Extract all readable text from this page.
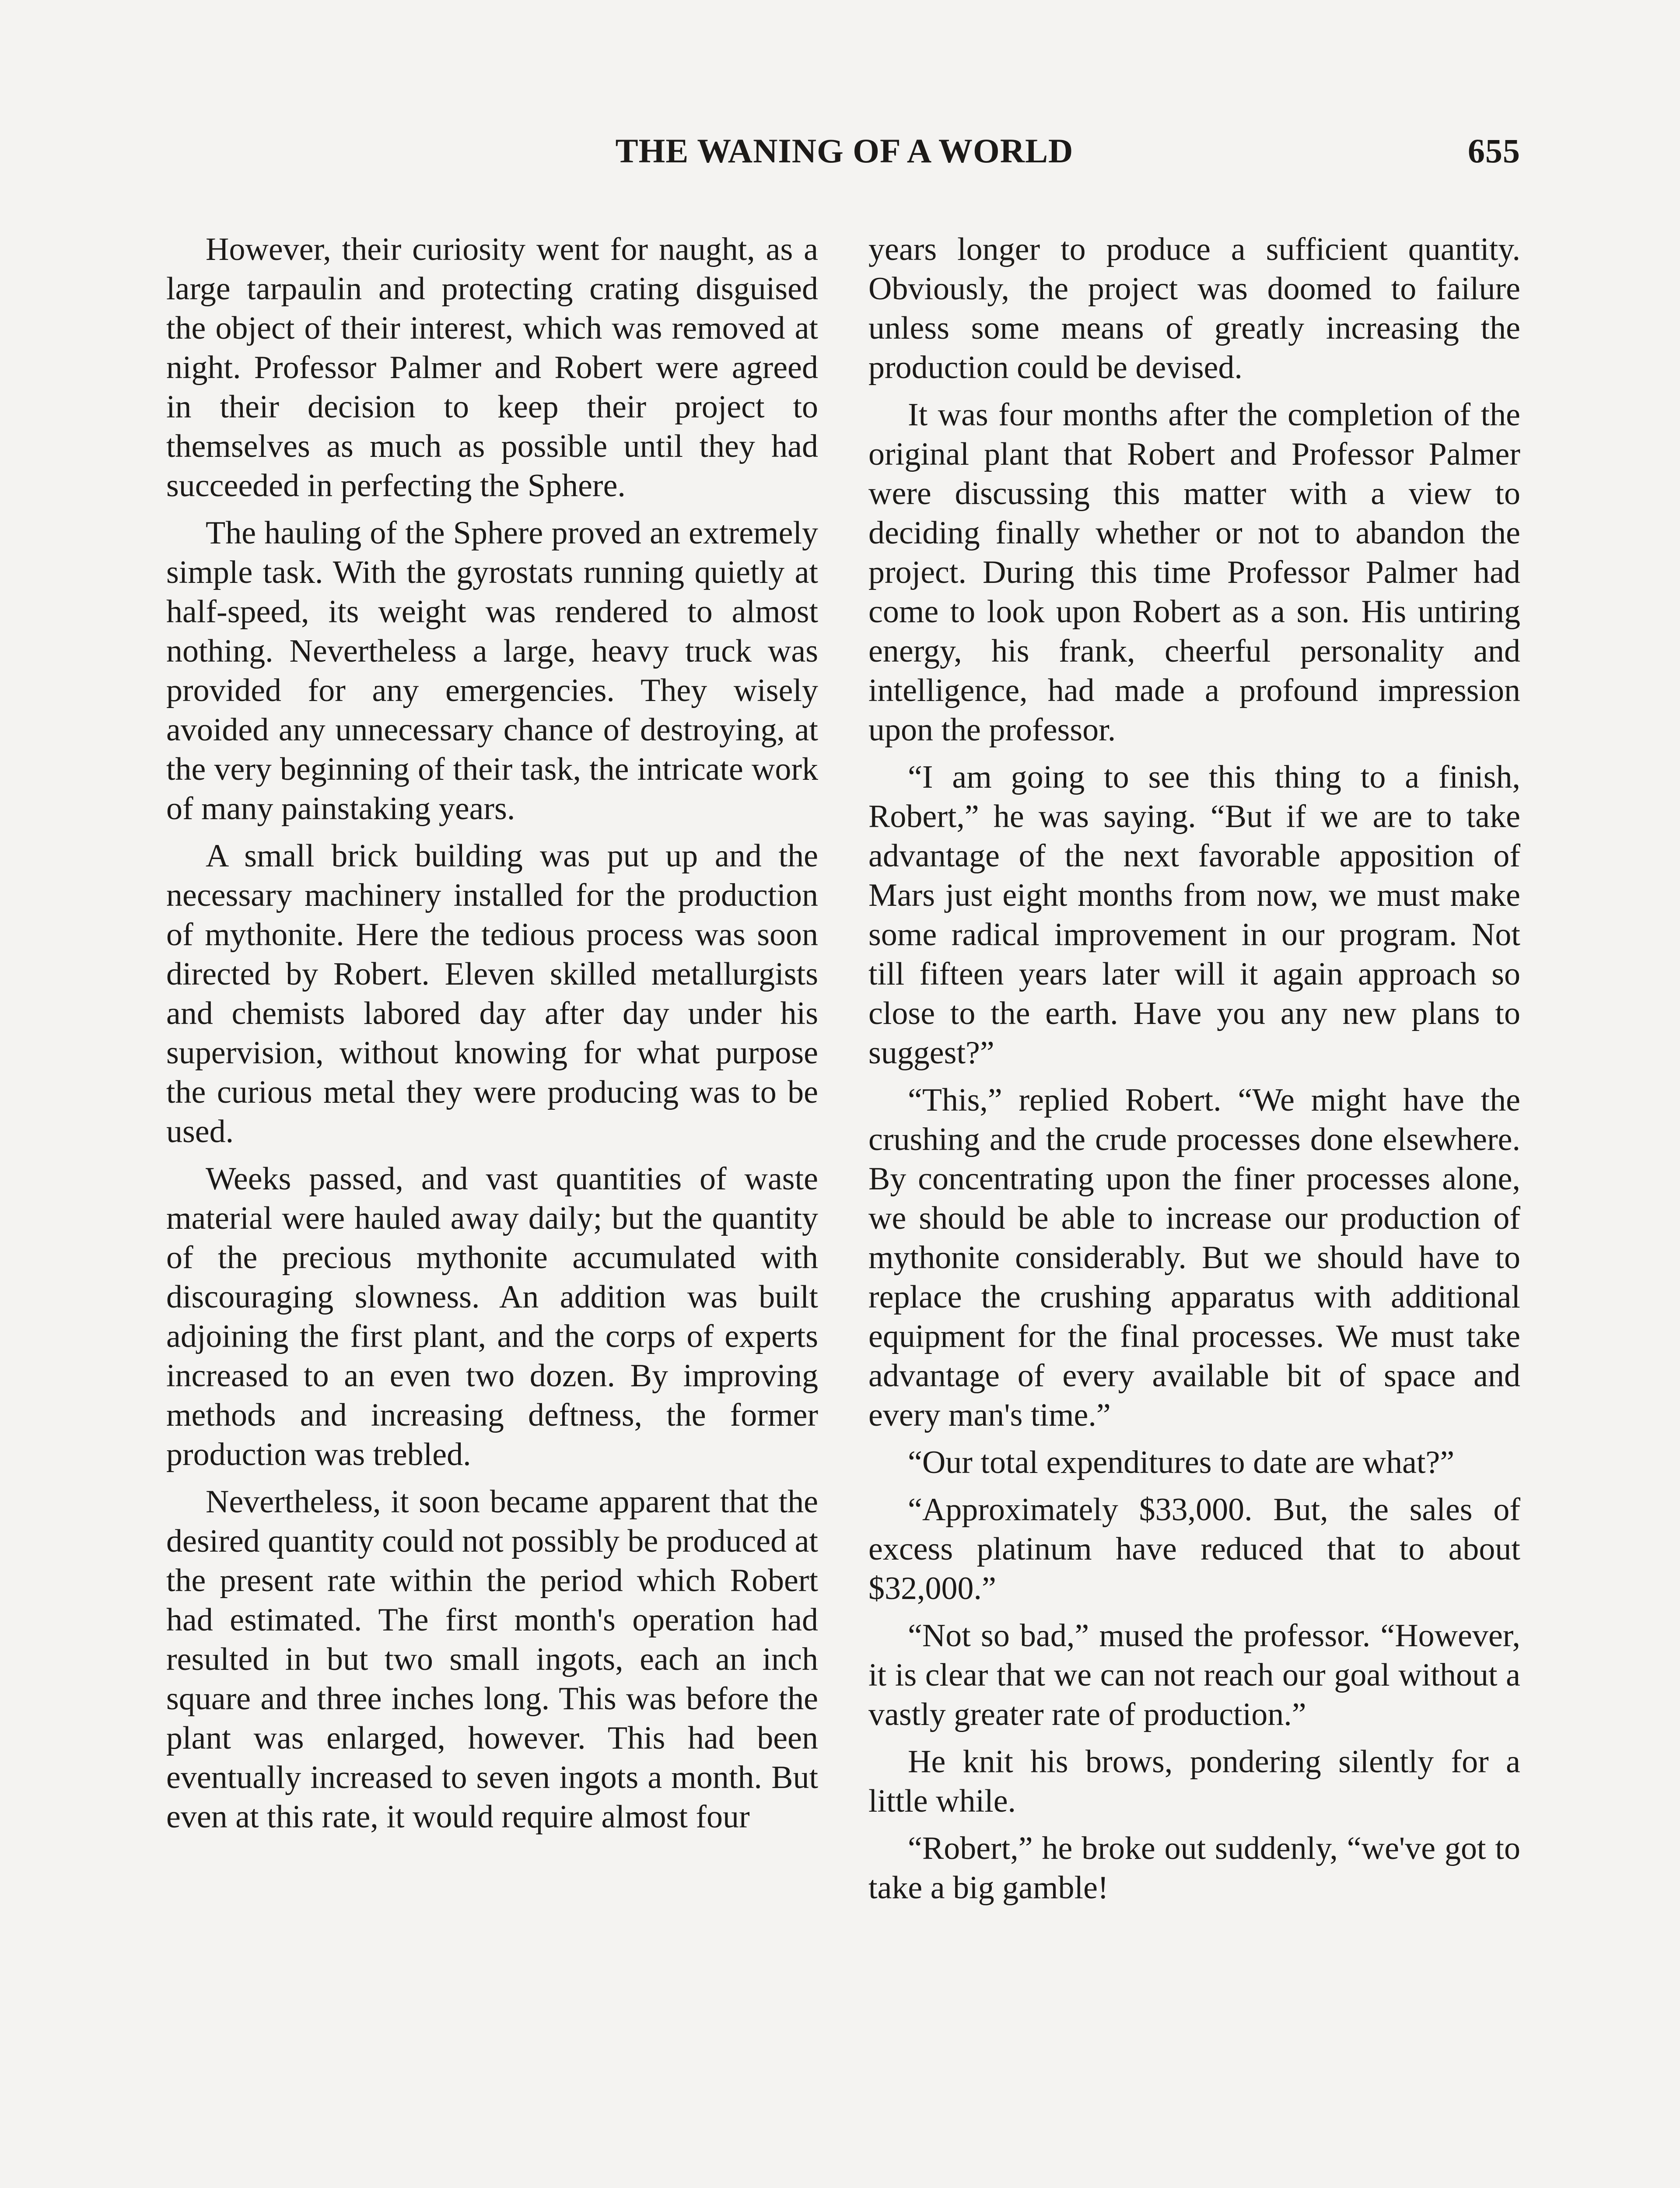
THE WANING OF A WORLD	655

However, their curiosity went for naught, as a large tarpaulin and protecting crating disguised the object of their interest, which was removed at night. Professor Palmer and Robert were agreed in their decision to keep their project to themselves as much as possible until they had succeeded in perfecting the Sphere.

The hauling of the Sphere proved an extremely simple task. With the gyrostats running quietly at half-speed, its weight was rendered to almost nothing. Nevertheless a large, heavy truck was provided for any emergencies. They wisely avoided any unnecessary chance of destroying, at the very beginning of their task, the intricate work of many painstaking years.

A small brick building was put up and the necessary machinery installed for the production of mythonite. Here the tedious process was soon directed by Robert. Eleven skilled metallurgists and chemists labored day after day under his supervision, without knowing for what purpose the curious metal they were producing was to be used.

Weeks passed, and vast quantities of waste material were hauled away daily; but the quantity of the precious mythonite accumulated with discouraging slowness. An addition was built adjoining the first plant, and the corps of experts increased to an even two dozen. By improving methods and increasing deftness, the former production was trebled.

Nevertheless, it soon became apparent that the desired quantity could not possibly be produced at the present rate within the period which Robert had estimated. The first month's operation had resulted in but two small ingots, each an inch square and three inches long. This was before the plant was enlarged, however. This had been eventually increased to seven ingots a month. But even at this rate, it would require almost four

years longer to produce a sufficient quantity. Obviously, the project was doomed to failure unless some means of greatly increasing the production could be devised.

It was four months after the completion of the original plant that Robert and Professor Palmer were discussing this matter with a view to deciding finally whether or not to abandon the project. During this time Professor Palmer had come to look upon Robert as a son. His untiring energy, his frank, cheerful personality and intelligence, had made a profound impression upon the professor.

“I am going to see this thing to a finish, Robert,” he was saying. “But if we are to take advantage of the next favorable apposition of Mars just eight months from now, we must make some radical improvement in our program. Not till fifteen years later will it again approach so close to the earth. Have you any new plans to suggest?”

“This,” replied Robert. “We might have the crushing and the crude processes done elsewhere. By concentrating upon the finer processes alone, we should be able to increase our production of mythonite considerably. But we should have to replace the crushing apparatus with additional equipment for the final processes. We must take advantage of every available bit of space and every man's time.”

“Our total expenditures to date are what?”

“Approximately $33,000. But, the sales of excess platinum have reduced that to about $32,000.”

“Not so bad,” mused the professor. “However, it is clear that we can not reach our goal without a vastly greater rate of production.”

He knit his brows, pondering silently for a little while.

“Robert,” he broke out suddenly, “we've got to take a big gamble!
